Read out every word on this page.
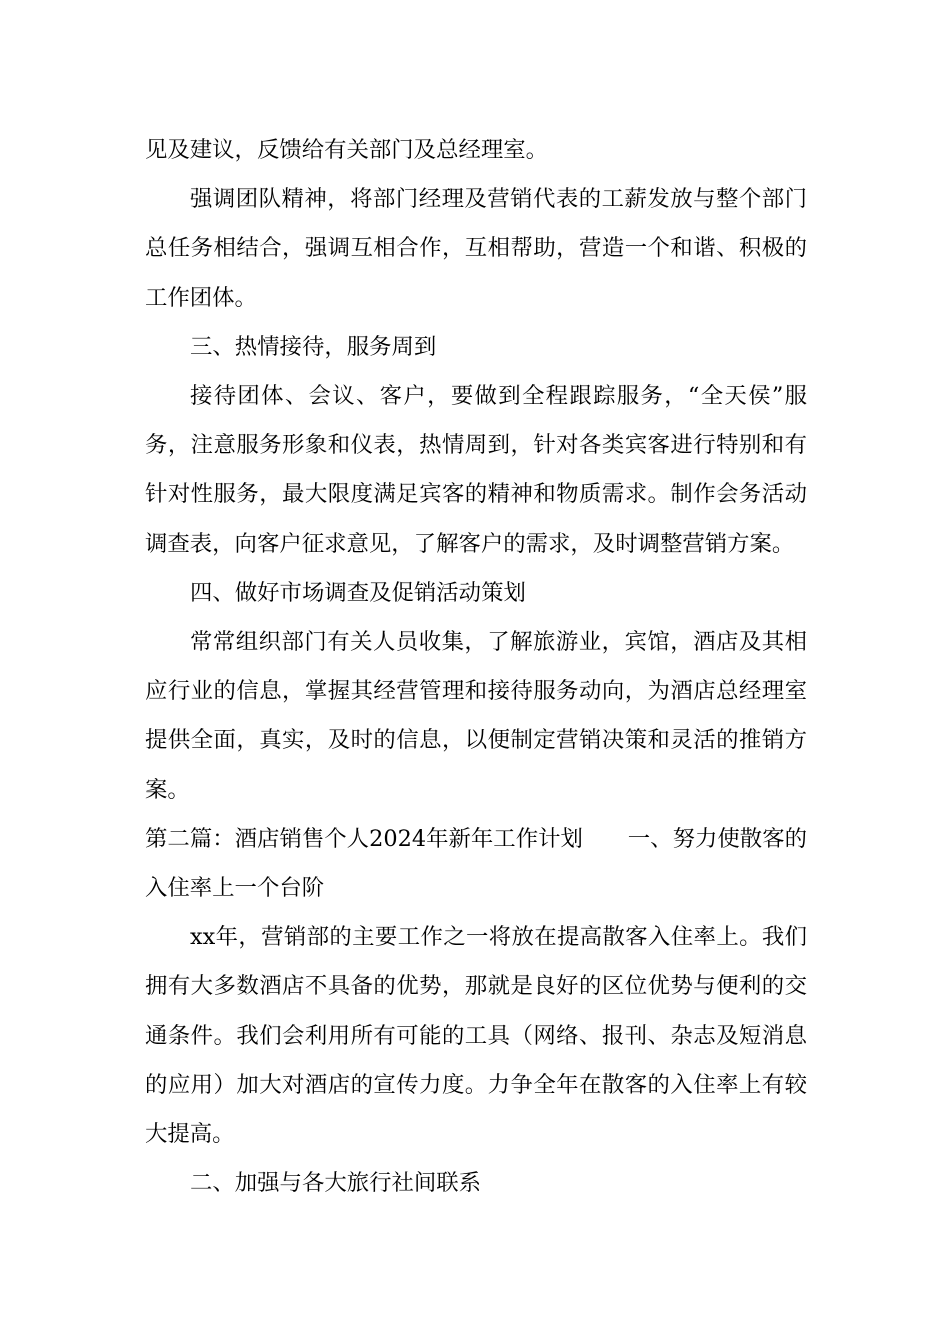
见及建议，反馈给有关部门及总经理室。

强调团队精神，将部门经理及营销代表的工薪发放与整个部门总任务相结合，强调互相合作，互相帮助，营造一个和谐、积极的工作团体。

三、热情接待，服务周到

接待团体、会议、客户，要做到全程跟踪服务，“全天侯”服务，注意服务形象和仪表，热情周到，针对各类宾客进行特别和有针对性服务，最大限度满足宾客的精神和物质需求。制作会务活动调查表，向客户征求意见，了解客户的需求，及时调整营销方案。

四、做好市场调查及促销活动策划

常常组织部门有关人员收集，了解旅游业，宾馆，酒店及其相应行业的信息，掌握其经营管理和接待服务动向，为酒店总经理室提供全面，真实，及时的信息，以便制定营销决策和灵活的推销方案。

第二篇：酒店销售个人2024年新年工作计划　　一、努力使散客的入住率上一个台阶

xx年，营销部的主要工作之一将放在提高散客入住率上。我们拥有大多数酒店不具备的优势，那就是良好的区位优势与便利的交通条件。我们会利用所有可能的工具（网络、报刊、杂志及短消息的应用）加大对酒店的宣传力度。力争全年在散客的入住率上有较大提高。

二、加强与各大旅行社间联系
